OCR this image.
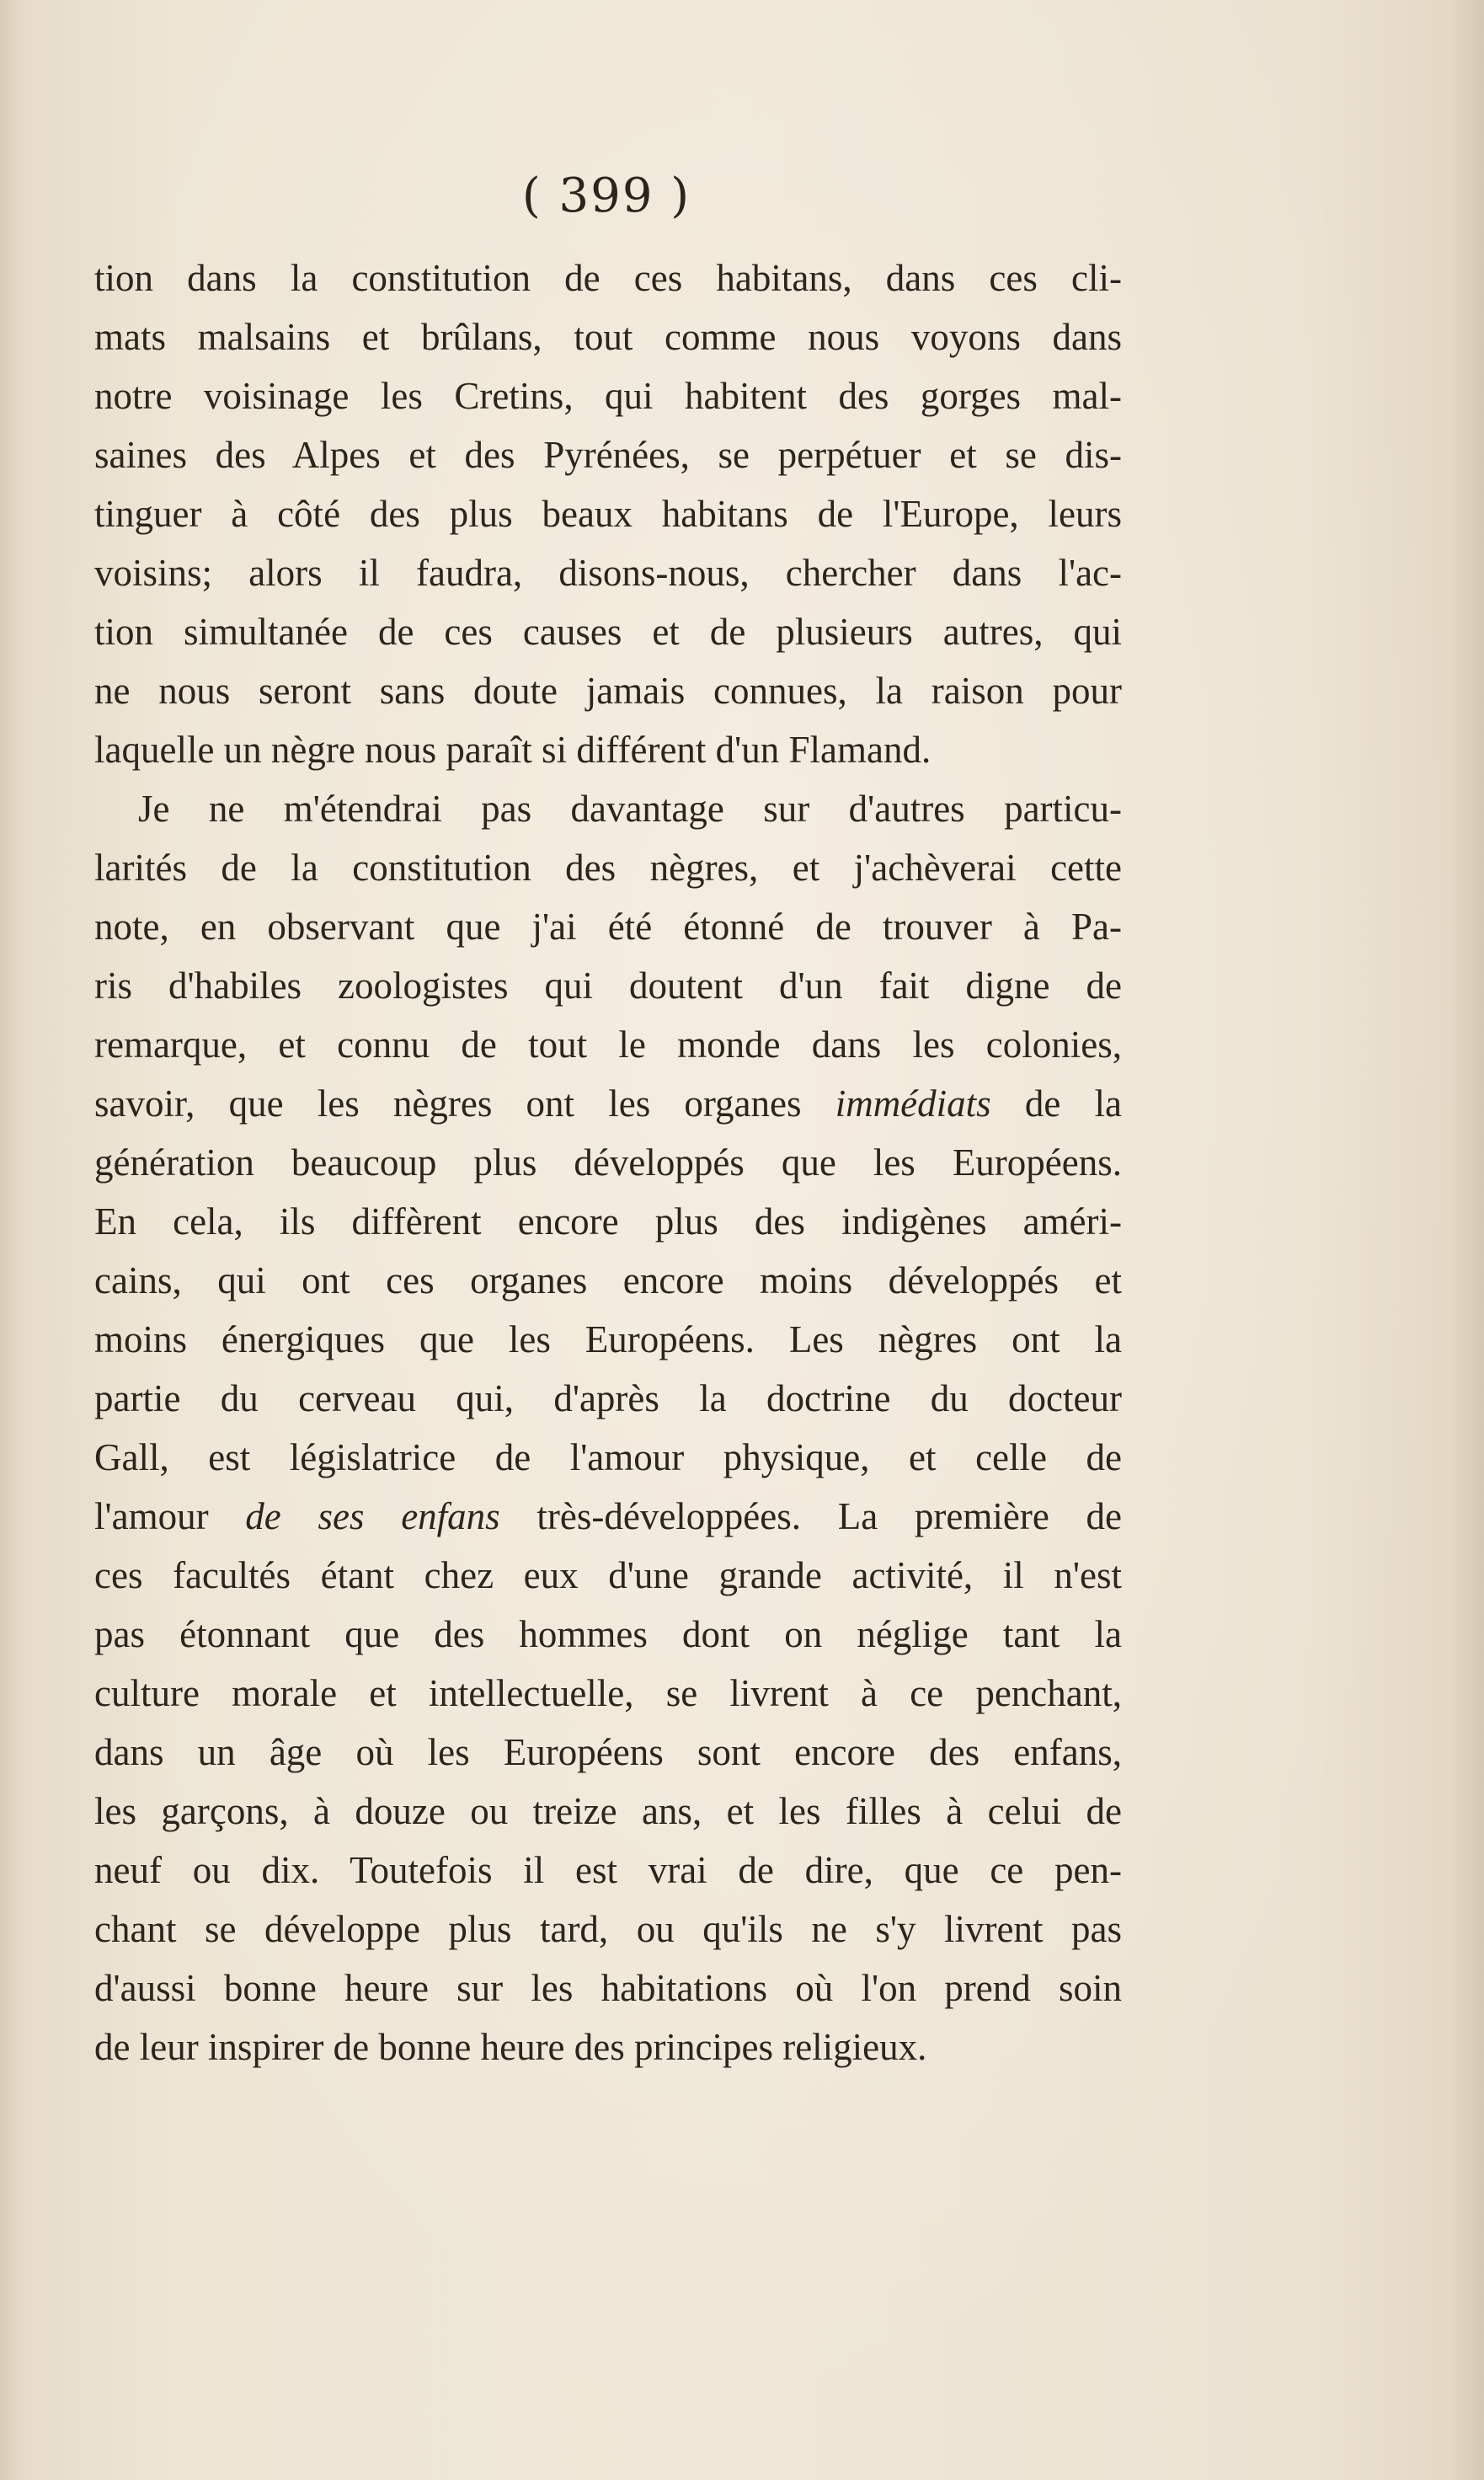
( 399 )
tion dans la constitution de ces habitans, dans ces cli-
mats malsains et brûlans, tout comme nous voyons dans
notre voisinage les Cretins, qui habitent des gorges mal-
saines des Alpes et des Pyrénées, se perpétuer et se dis-
tinguer à côté des plus beaux habitans de l'Europe, leurs
voisins; alors il faudra, disons-nous, chercher dans l'ac-
tion simultanée de ces causes et de plusieurs autres, qui
ne nous seront sans doute jamais connues, la raison pour
laquelle un nègre nous paraît si différent d'un Flamand.
Je ne m'étendrai pas davantage sur d'autres particu-
larités de la constitution des nègres, et j'achèverai cette
note, en observant que j'ai été étonné de trouver à Pa-
ris d'habiles zoologistes qui doutent d'un fait digne de
remarque, et connu de tout le monde dans les colonies,
savoir, que les nègres ont les organes immédiats de la
génération beaucoup plus développés que les Européens.
En cela, ils diffèrent encore plus des indigènes améri-
cains, qui ont ces organes encore moins développés et
moins énergiques que les Européens. Les nègres ont la
partie du cerveau qui, d'après la doctrine du docteur
Gall, est législatrice de l'amour physique, et celle de
l'amour de ses enfans très-développées. La première de
ces facultés étant chez eux d'une grande activité, il n'est
pas étonnant que des hommes dont on néglige tant la
culture morale et intellectuelle, se livrent à ce penchant,
dans un âge où les Européens sont encore des enfans,
les garçons, à douze ou treize ans, et les filles à celui de
neuf ou dix. Toutefois il est vrai de dire, que ce pen-
chant se développe plus tard, ou qu'ils ne s'y livrent pas
d'aussi bonne heure sur les habitations où l'on prend soin
de leur inspirer de bonne heure des principes religieux.
